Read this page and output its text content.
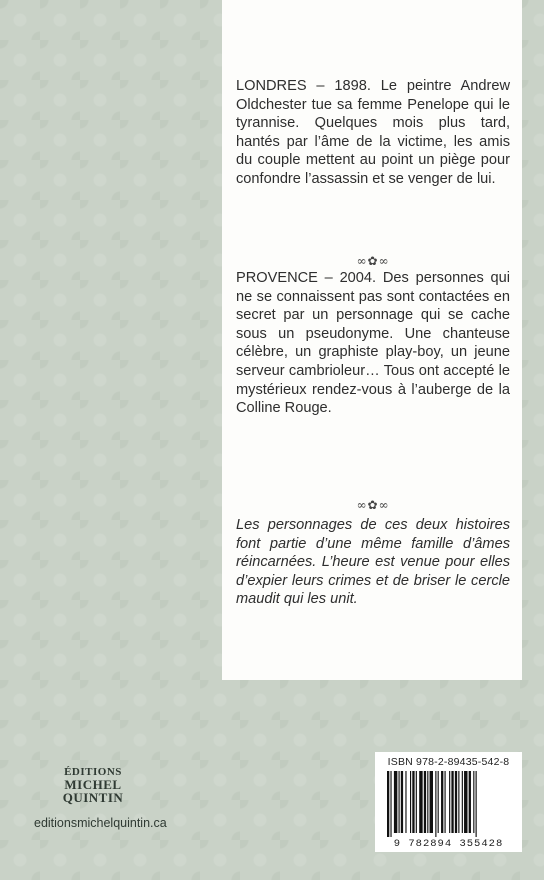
LONDRES – 1898. Le peintre Andrew Oldchester tue sa femme Penelope qui le tyrannise. Quelques mois plus tard, hantés par l’âme de la victime, les amis du couple mettent au point un piège pour confondre l’assassin et se venger de lui.
∞✿∞
PROVENCE – 2004. Des personnes qui ne se connaissent pas sont contactées en secret par un personnage qui se cache sous un pseudonyme. Une chanteuse célèbre, un graphiste play-boy, un jeune serveur cambrioleur… Tous ont accepté le mystérieux rendez-vous à l’auberge de la Colline Rouge.
∞✿∞
Les personnages de ces deux histoires font partie d’une même famille d’âmes réincarnées. L’heure est venue pour elles d’expier leurs crimes et de briser le cercle maudit qui les unit.
ÉDITIONS
MICHEL
QUINTIN
editionsmichelquintin.ca
ISBN 978-2-89435-542-8
9 782894 355428
